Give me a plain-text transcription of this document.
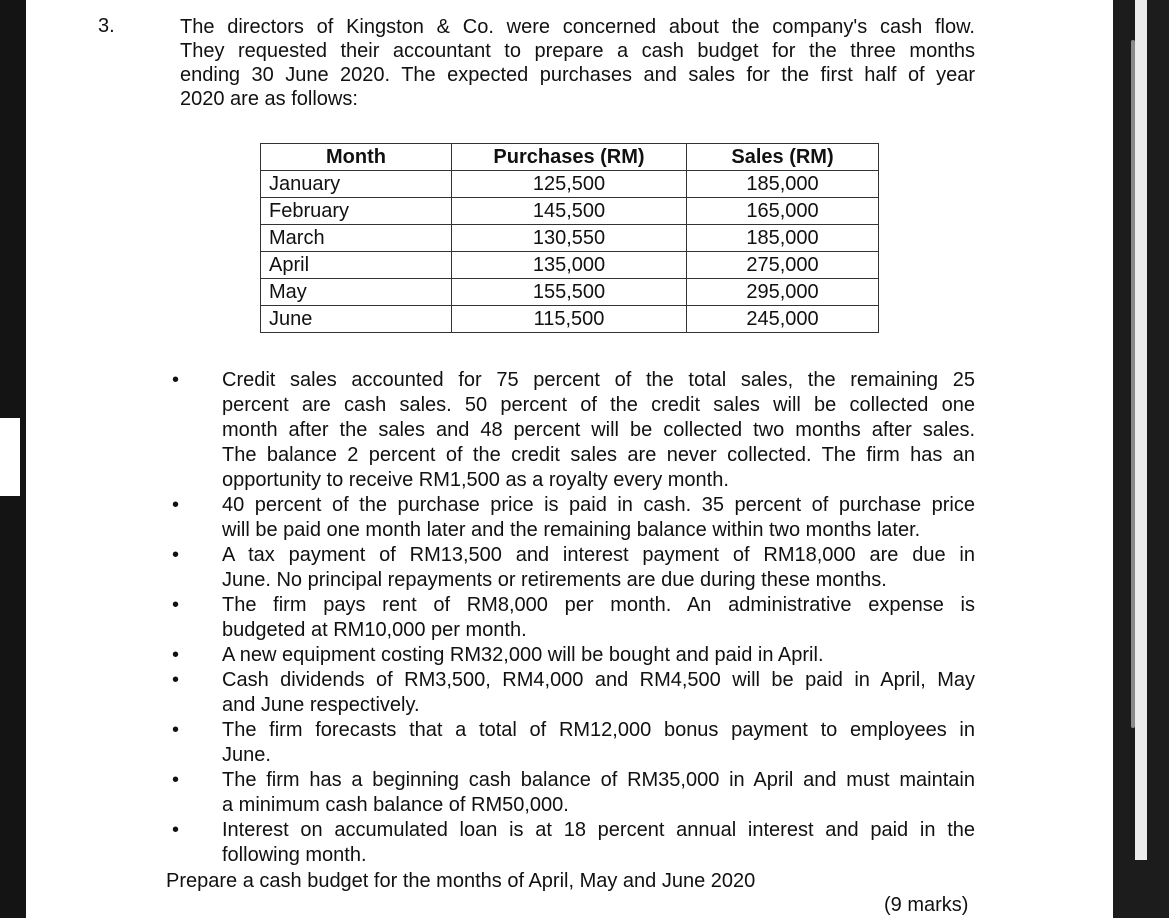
3.	The directors of Kingston & Co. were concerned about the company's cash flow.
They requested their accountant to prepare a cash budget for the three months
ending 30 June 2020. The expected purchases and sales for the first half of year
2020 are as follows:
Month	Purchases (RM)	Sales (RM)
January	125,500	185,000
February	145,500	165,000
March	130,550	185,000
April	135,000	275,000
May	155,500	295,000
June	115,500	245,000
• Credit sales accounted for 75 percent of the total sales, the remaining 25
percent are cash sales. 50 percent of the credit sales will be collected one
month after the sales and 48 percent will be collected two months after sales.
The balance 2 percent of the credit sales are never collected. The firm has an
opportunity to receive RM1,500 as a royalty every month.
• 40 percent of the purchase price is paid in cash. 35 percent of purchase price
will be paid one month later and the remaining balance within two months later.
• A tax payment of RM13,500 and interest payment of RM18,000 are due in
June. No principal repayments or retirements are due during these months.
• The firm pays rent of RM8,000 per month. An administrative expense is
budgeted at RM10,000 per month.
• A new equipment costing RM32,000 will be bought and paid in April.
• Cash dividends of RM3,500, RM4,000 and RM4,500 will be paid in April, May
and June respectively.
• The firm forecasts that a total of RM12,000 bonus payment to employees in
June.
• The firm has a beginning cash balance of RM35,000 in April and must maintain
a minimum cash balance of RM50,000.
• Interest on accumulated loan is at 18 percent annual interest and paid in the
following month.
Prepare a cash budget for the months of April, May and June 2020
(9 marks)
